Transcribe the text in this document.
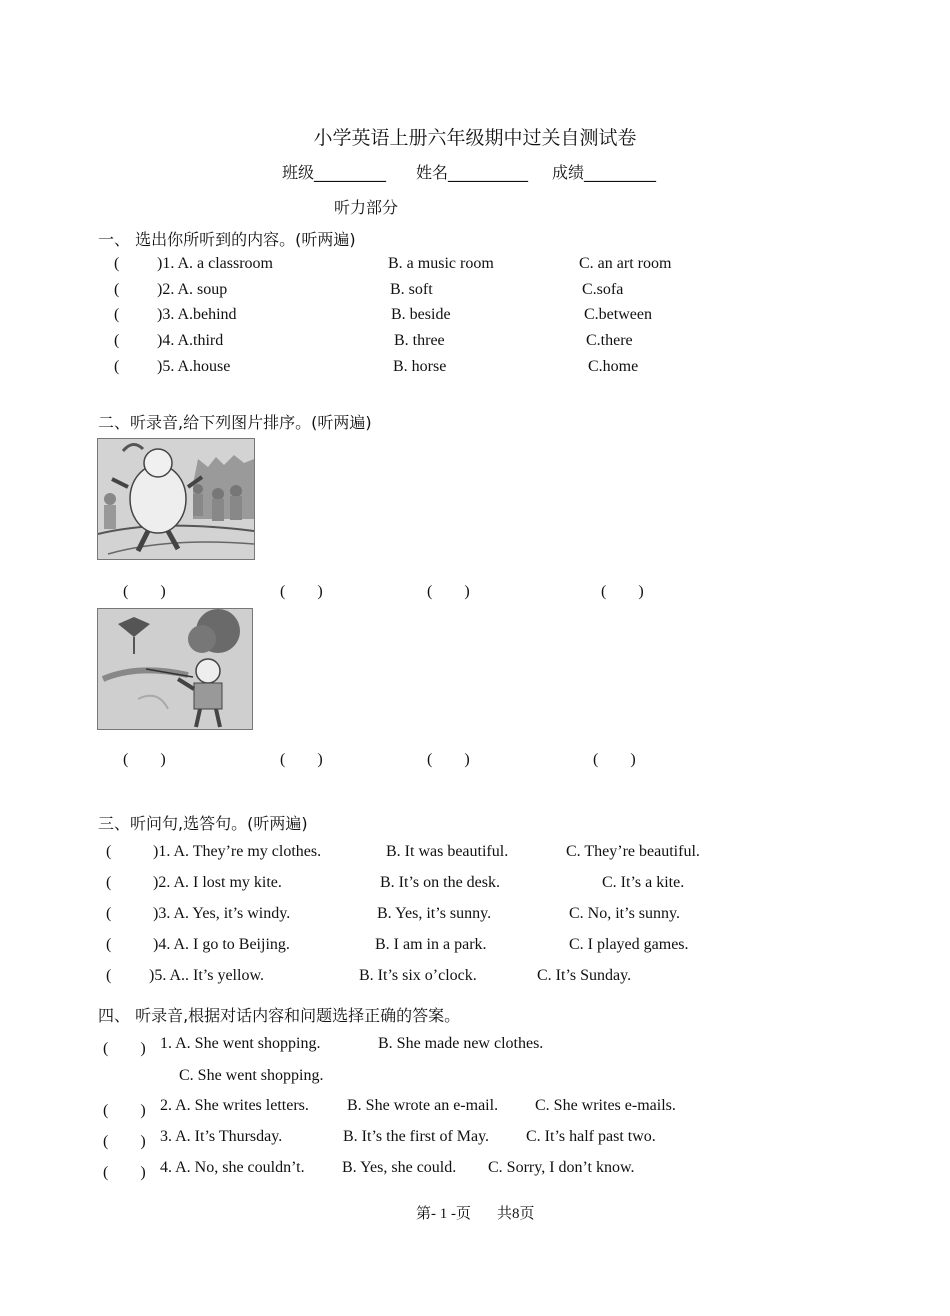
小学英语上册六年级期中过关自测试卷
班级_________ 姓名__________ 成绩_________
听力部分
一、 选出你所听到的内容。(听两遍)
( )1. A. a classroom	B. a music room	C. an art room
( )2. A. soup	B. soft	C.sofa
( )3. A.behind	B. beside	C.between
( )4. A.third	B. three	C.there
( )5. A.house	B. horse	C.home
二、听录音,给下列图片排序。(听两遍)
(　　)	(　　)	(　　)	(　　)
(　　)	(　　)	(　　)	(　　)
三、听问句,选答句。(听两遍)
(	)1. A. They’re my clothes.	B. It was beautiful.	C. They’re beautiful.
(	)2. A. I lost my kite.	B. It’s on the desk.	C. It’s a kite.
(	)3. A. Yes, it’s windy.	B. Yes, it’s sunny.	C. No, it’s sunny.
(	)4. A. I go to Beijing.	B. I am in a park.	C. I played games.
( )5. A.. It’s yellow.	B. It’s six o’clock.	C. It’s Sunday.
四、 听录音,根据对话内容和问题选择正确的答案。
(　　) 1. A. She went shopping.	B. She made new clothes.
C. She went shopping.
(　　) 2. A. She writes letters. B. She wrote an e-mail. C. She writes e-mails.
(　　) 3. A. It’s Thursday.	B. It’s the first of May. C. It’s half past two.
(　　) 4. A. No, she couldn’t. B. Yes, she could. C. Sorry, I don’t know.
第- 1 -页 共8页
